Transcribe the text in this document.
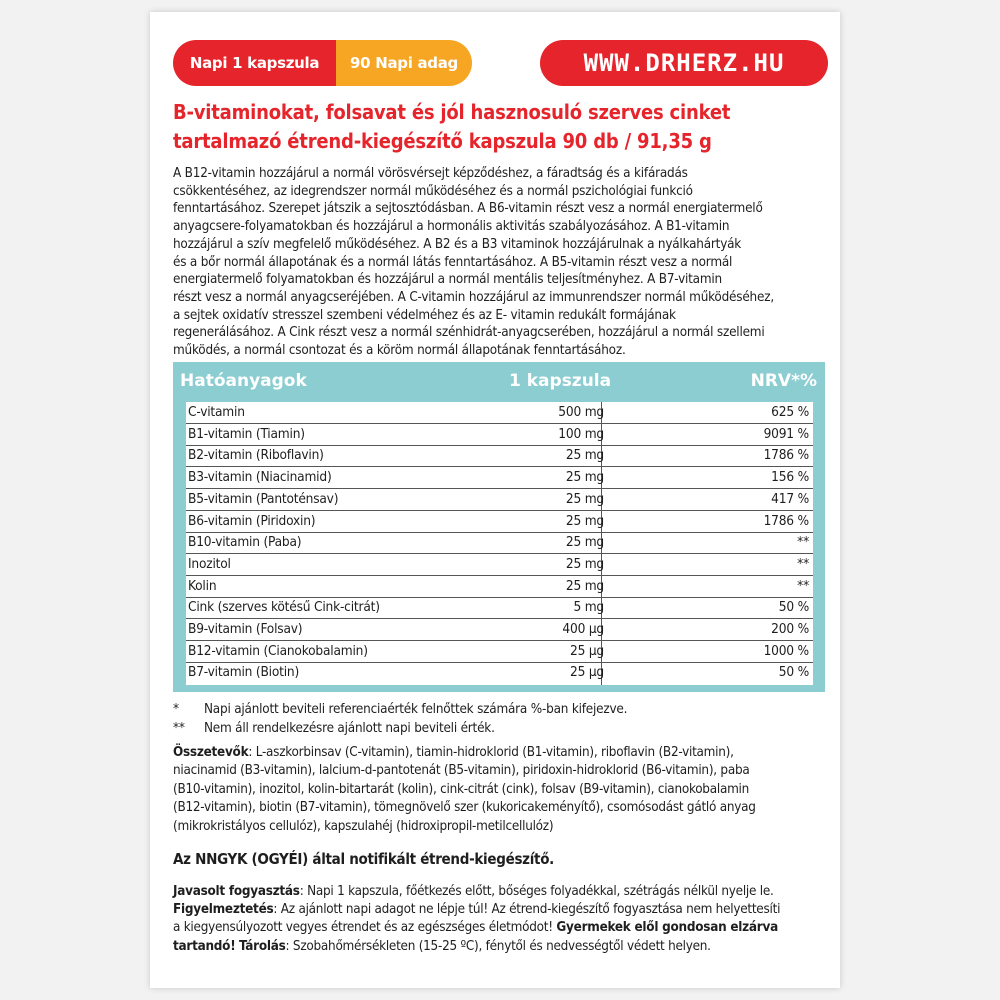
Napi 1 kapszula 90 Napi adag	WWW.DRHERZ.HU
B-vitaminokat, folsavat és jól hasznosuló szerves cinket
tartalmazó étrend-kiegészítő kapszula 90 db / 91,35 g

A B12-vitamin hozzájárul a normál vörösvérsejt képződéshez, a fáradtság és a kifáradás

csökkentéséhez, az idegrendszer normál működéséhez és a normál pszichológiai funkció

fenntartásához. Szerepet játszik a sejtosztódásban. A B6-vitamin részt vesz a normál energiatermelő

anyagcsere-folyamatokban és hozzájárul a hormonális aktivitás szabályozásához. A B1-vitamin

hozzájárul a szív megfelelő működéséhez. A B2 és a B3 vitaminok hozzájárulnak a nyálkahártyák

és a bőr normál állapotának és a normál látás fenntartásához. A B5-vitamin részt vesz a normál

energiatermelő folyamatokban és hozzájárul a normál mentális teljesítményhez. A B7-vitamin

részt vesz a normál anyagcseréjében. A C-vitamin hozzájárul az immunrendszer normál működéséhez,

a sejtek oxidatív stresszel szembeni védelméhez és az E- vitamin redukált formájának

regenerálásához. A Cink részt vesz a normál szénhidrát-anyagcserében, hozzájárul a normál szellemi

működés, a normál csontozat és a köröm normál állapotának fenntartásához.

Hatóanyagok	1 kapszula	NRV*%
C-vitamin	500 mg	625 %
B1-vitamin (Tiamin)	100 mg	9091 %
B2-vitamin (Riboflavin)	25 mg	1786 %
B3-vitamin (Niacinamid)	25 mg	156 %
B5-vitamin (Pantoténsav)	25 mg	417 %
B6-vitamin (Piridoxin)	25 mg	1786 %
B10-vitamin (Paba)	25 mg	**
Inozitol	25 mg	**
Kolin	25 mg	**
Cink (szerves kötésű Cink-citrát)	5 mg	50 %
B9-vitamin (Folsav)	400 µg	200 %
B12-vitamin (Cianokobalamin)	25 µg	1000 %
B7-vitamin (Biotin)	25 µg	50 %
* Napi ajánlott beviteli referenciaérték felnőttek számára %-ban kifejezve.
** Nem áll rendelkezésre ajánlott napi beviteli érték.
Összetevők: L-aszkorbinsav (C-vitamin), tiamin-hidroklorid (B1-vitamin), riboflavin (B2-vitamin),
niacinamid (B3-vitamin), lalcium-d-pantotenát (B5-vitamin), piridoxin-hidroklorid (B6-vitamin), paba
(B10-vitamin), inozitol, kolin-bitartarát (kolin), cink-citrát (cink), folsav (B9-vitamin), cianokobalamin
(B12-vitamin), biotin (B7-vitamin), tömegnövelő szer (kukoricakeményítő), csomósodást gátló anyag
(mikrokristályos cellulóz), kapszulahéj (hidroxipropil-metilcellulóz)
Az NNGYK (OGYÉI) által notifikált étrend-kiegészítő.
Javasolt fogyasztás: Napi 1 kapszula, főétkezés előtt, bőséges folyadékkal, szétrágás nélkül nyelje le.
Figyelmeztetés: Az ajánlott napi adagot ne lépje túl! Az étrend-kiegészítő fogyasztása nem helyettesíti
a kiegyensúlyozott vegyes étrendet és az egészséges életmódot! Gyermekek elől gondosan elzárva
tartandó! Tárolás: Szobahőmérsékleten (15-25 ºC), fénytől és nedvességtől védett helyen.
